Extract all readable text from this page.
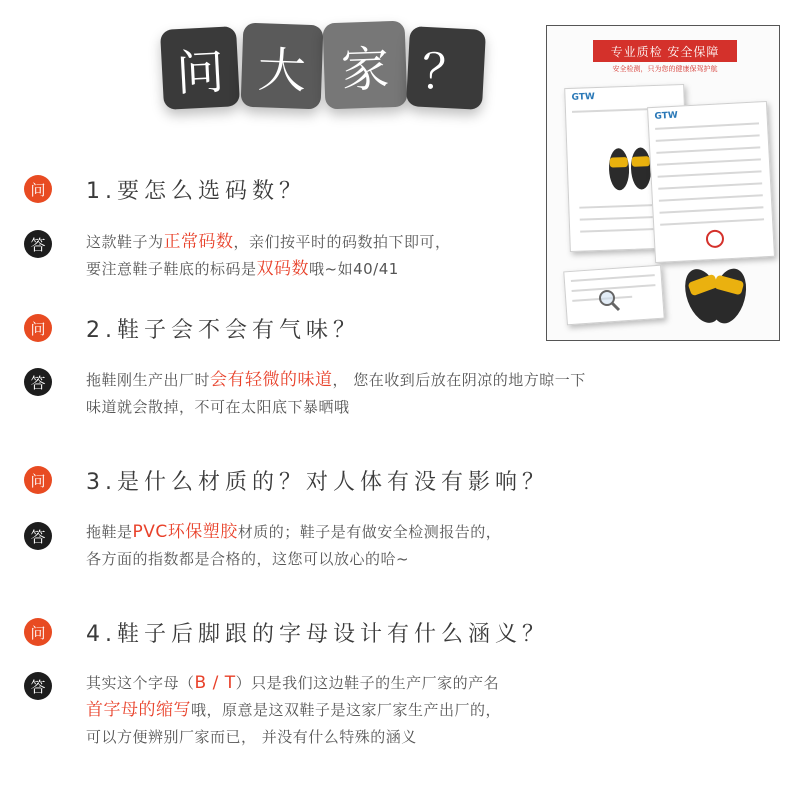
问 大 家 ？	专业质检 安全保障
安全检测，只为您的健康保驾护航
GTW
GTW
问 1.要怎么选码数？
答	这款鞋子为正常码数，亲们按平时的码数拍下即可，
要注意鞋子鞋底的标码是双码数哦~如40/41
问 2.鞋子会不会有气味？
答	拖鞋刚生产出厂时会有轻微的味道， 您在收到后放在阴凉的地方晾一下
味道就会散掉，不可在太阳底下暴晒哦
问 3.是什么材质的？对人体有没有影响？
答	拖鞋是PVC环保塑胶材质的；鞋子是有做安全检测报告的，
各方面的指数都是合格的，这您可以放心的哈~
问 4.鞋子后脚跟的字母设计有什么涵义？
答	其实这个字母（B / T）只是我们这边鞋子的生产厂家的产名
首字母的缩写哦，原意是这双鞋子是这家厂家生产出厂的，
可以方便辨别厂家而已， 并没有什么特殊的涵义
